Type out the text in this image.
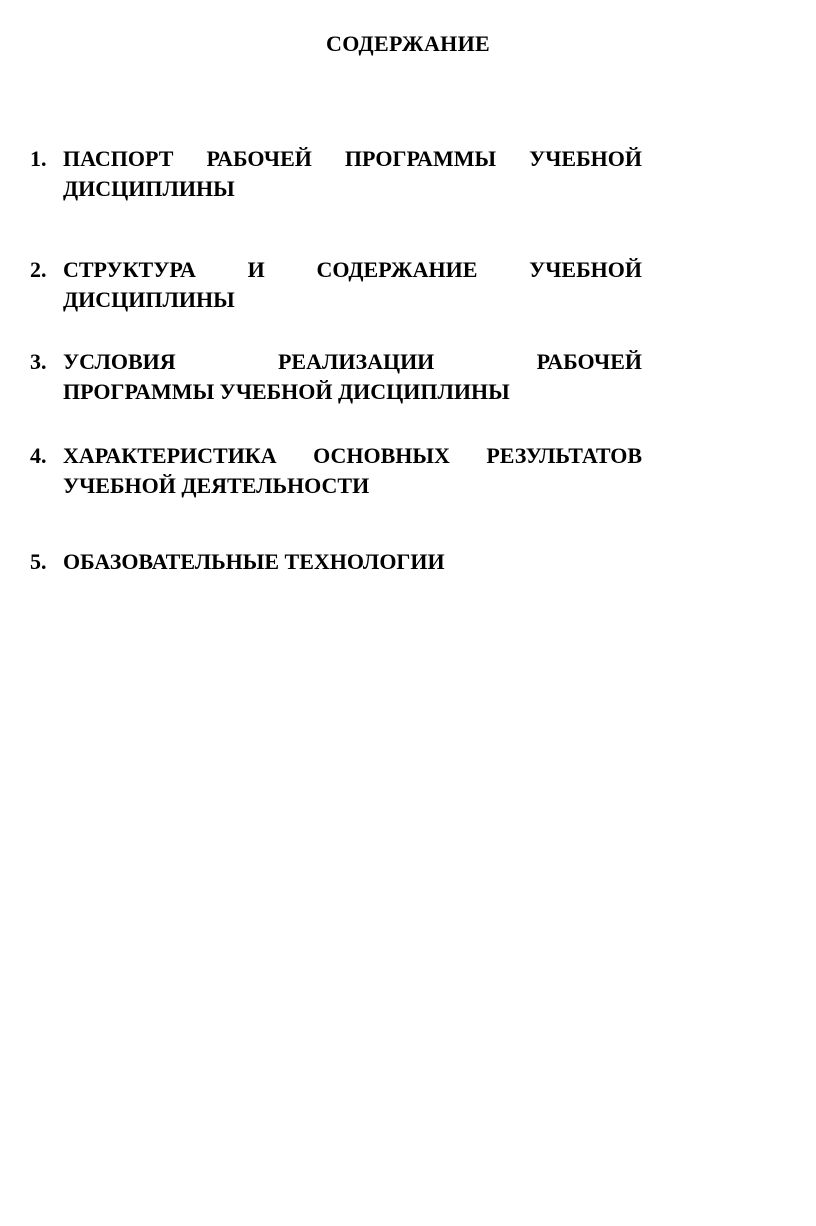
СОДЕРЖАНИЕ
1. ПАСПОРТ РАБОЧЕЙ ПРОГРАММЫ УЧЕБНОЙ
ДИСЦИПЛИНЫ
2. СТРУКТУРА И СОДЕРЖАНИЕ УЧЕБНОЙ
ДИСЦИПЛИНЫ
3. УСЛОВИЯ	РЕАЛИЗАЦИИ	РАБОЧЕЙ
ПРОГРАММЫ УЧЕБНОЙ ДИСЦИПЛИНЫ
4. ХАРАКТЕРИСТИКА ОСНОВНЫХ РЕЗУЛЬТАТОВ
УЧЕБНОЙ ДЕЯТЕЛЬНОСТИ
5. ОБАЗОВАТЕЛЬНЫЕ ТЕХНОЛОГИИ
